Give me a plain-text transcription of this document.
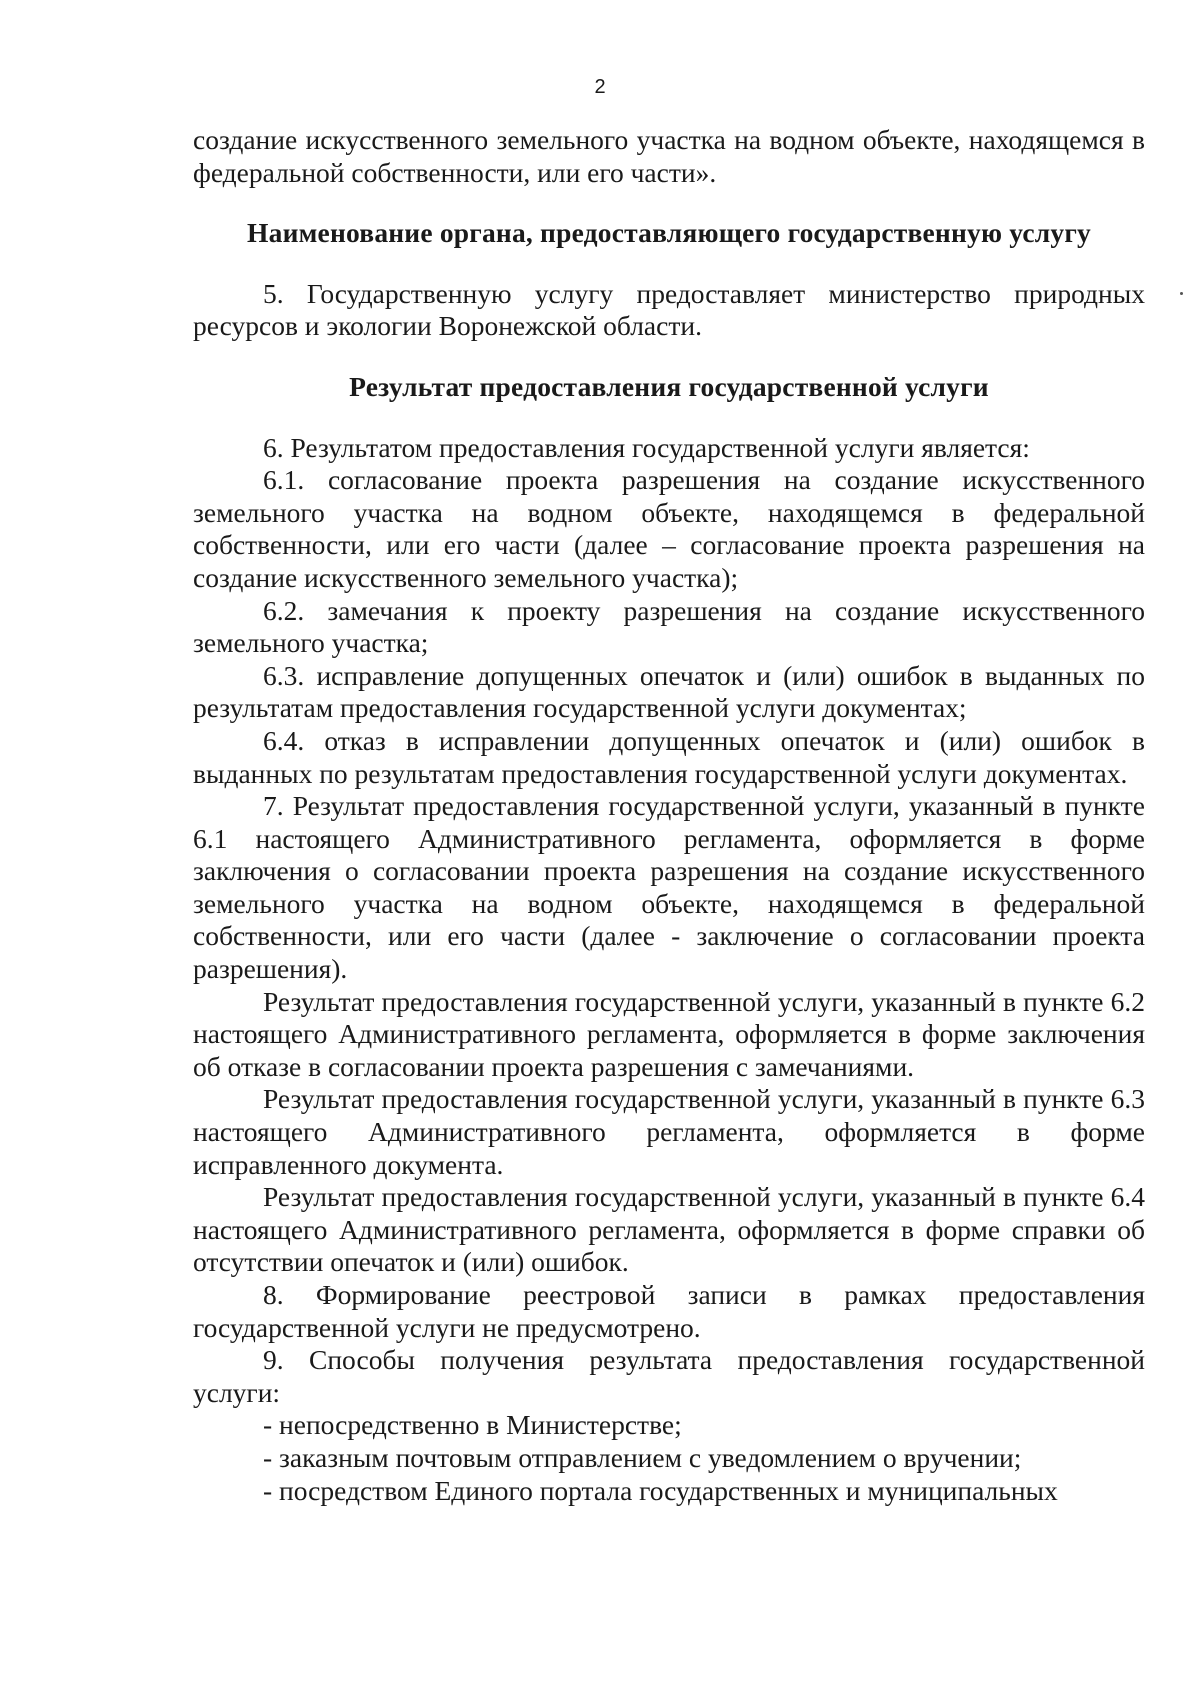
2

создание искусственного земельного участка на водном объекте, находящемся в федеральной собственности, или его части».

Наименование органа, предоставляющего государственную услугу

5. Государственную услугу предоставляет министерство природных ресурсов и экологии Воронежской области.

Результат предоставления государственной услуги

6. Результатом предоставления государственной услуги является:

6.1. согласование проекта разрешения на создание искусственного земельного участка на водном объекте, находящемся в федеральной собственности, или его части (далее – согласование проекта разрешения на создание искусственного земельного участка);

6.2. замечания к проекту разрешения на создание искусственного земельного участка;

6.3. исправление допущенных опечаток и (или) ошибок в выданных по результатам предоставления государственной услуги документах;

6.4. отказ в исправлении допущенных опечаток и (или) ошибок в выданных по результатам предоставления государственной услуги документах.

7. Результат предоставления государственной услуги, указанный в пункте 6.1 настоящего Административного регламента, оформляется в форме заключения о согласовании проекта разрешения на создание искусственного земельного участка на водном объекте, находящемся в федеральной собственности, или его части (далее - заключение о согласовании проекта разрешения).

Результат предоставления государственной услуги, указанный в пункте 6.2 настоящего Административного регламента, оформляется в форме заключения об отказе в согласовании проекта разрешения с замечаниями.

Результат предоставления государственной услуги, указанный в пункте 6.3 настоящего Административного регламента, оформляется в форме исправленного документа.

Результат предоставления государственной услуги, указанный в пункте 6.4 настоящего Административного регламента, оформляется в форме справки об отсутствии опечаток и (или) ошибок.

8. Формирование реестровой записи в рамках предоставления государственной услуги не предусмотрено.

9. Способы получения результата предоставления государственной услуги:

- непосредственно в Министерстве;

- заказным почтовым отправлением с уведомлением о вручении;

- посредством Единого портала государственных и муниципальных
